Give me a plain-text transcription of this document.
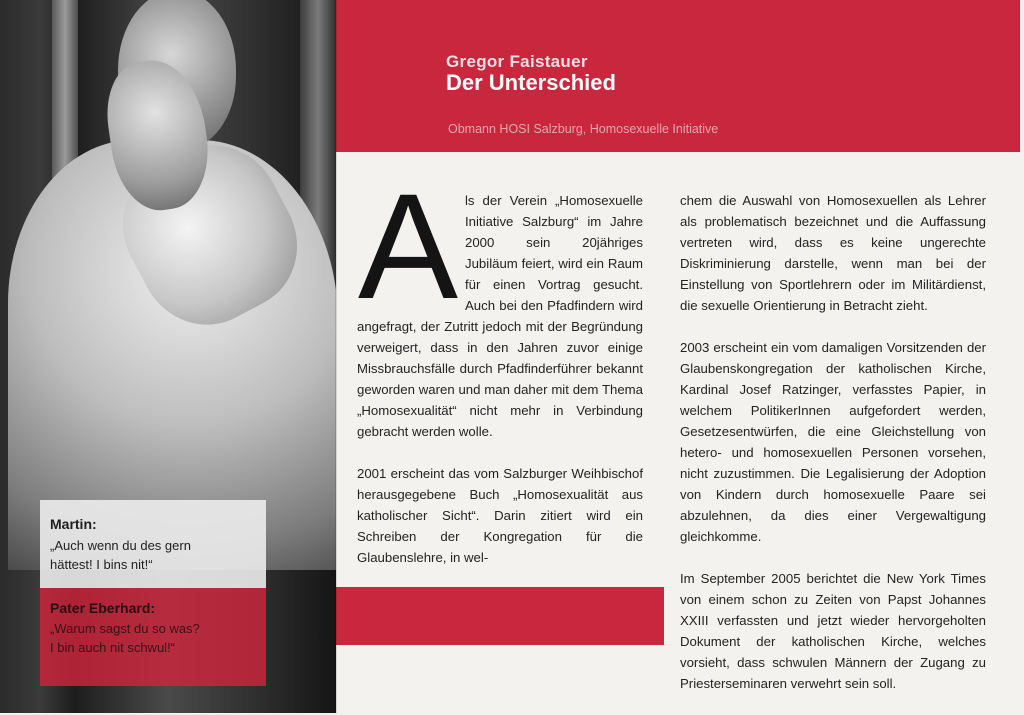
Martin:
„Auch wenn du des gern
hättest! I bins nit!“
Pater Eberhard:
„Warum sagst du so was?
I bin auch nit schwul!“
Gregor Faistauer
Der Unterschied
Obmann HOSI Salzburg, Homosexuelle Initiative

Als der Verein „Homosexuelle Initiative Salzburg“ im Jahre 2000 sein 20jähriges Jubiläum feiert, wird ein Raum für einen Vortrag gesucht. Auch bei den Pfadfindern wird angefragt, der Zutritt jedoch mit der Begründung verweigert, dass in den Jahren zuvor einige Missbrauchsfälle durch Pfadfinderführer bekannt geworden waren und man daher mit dem Thema „Homosexualität“ nicht mehr in Verbindung gebracht werden wolle.

2001 erscheint das vom Salzburger Weihbischof herausgegebene Buch „Homosexualität aus katholischer Sicht“. Darin zitiert wird ein Schreiben der Kongregation für die Glaubenslehre, in wel-

chem die Auswahl von Homosexuellen als Lehrer als problematisch bezeichnet und die Auffassung vertreten wird, dass es keine ungerechte Diskriminierung darstelle, wenn man bei der Einstellung von Sportlehrern oder im Militärdienst, die sexuelle Orientierung in Betracht zieht.

2003 erscheint ein vom damaligen Vorsitzenden der Glaubenskongregation der katholischen Kirche, Kardinal Josef Ratzinger, verfasstes Papier, in welchem PolitikerInnen aufgefordert werden, Gesetzesentwürfen, die eine Gleichstellung von hetero- und homosexuellen Personen vorsehen, nicht zuzustimmen. Die Legalisierung der Adoption von Kindern durch homosexuelle Paare sei abzulehnen, da dies einer Vergewaltigung gleichkomme.

Im September 2005 berichtet die New York Times von einem schon zu Zeiten von Papst Johannes XXIII verfassten und jetzt wieder hervorgeholten Dokument der katholischen Kirche, welches vorsieht, dass schwulen Männern der Zugang zu Priesterseminaren verwehrt sein soll.
